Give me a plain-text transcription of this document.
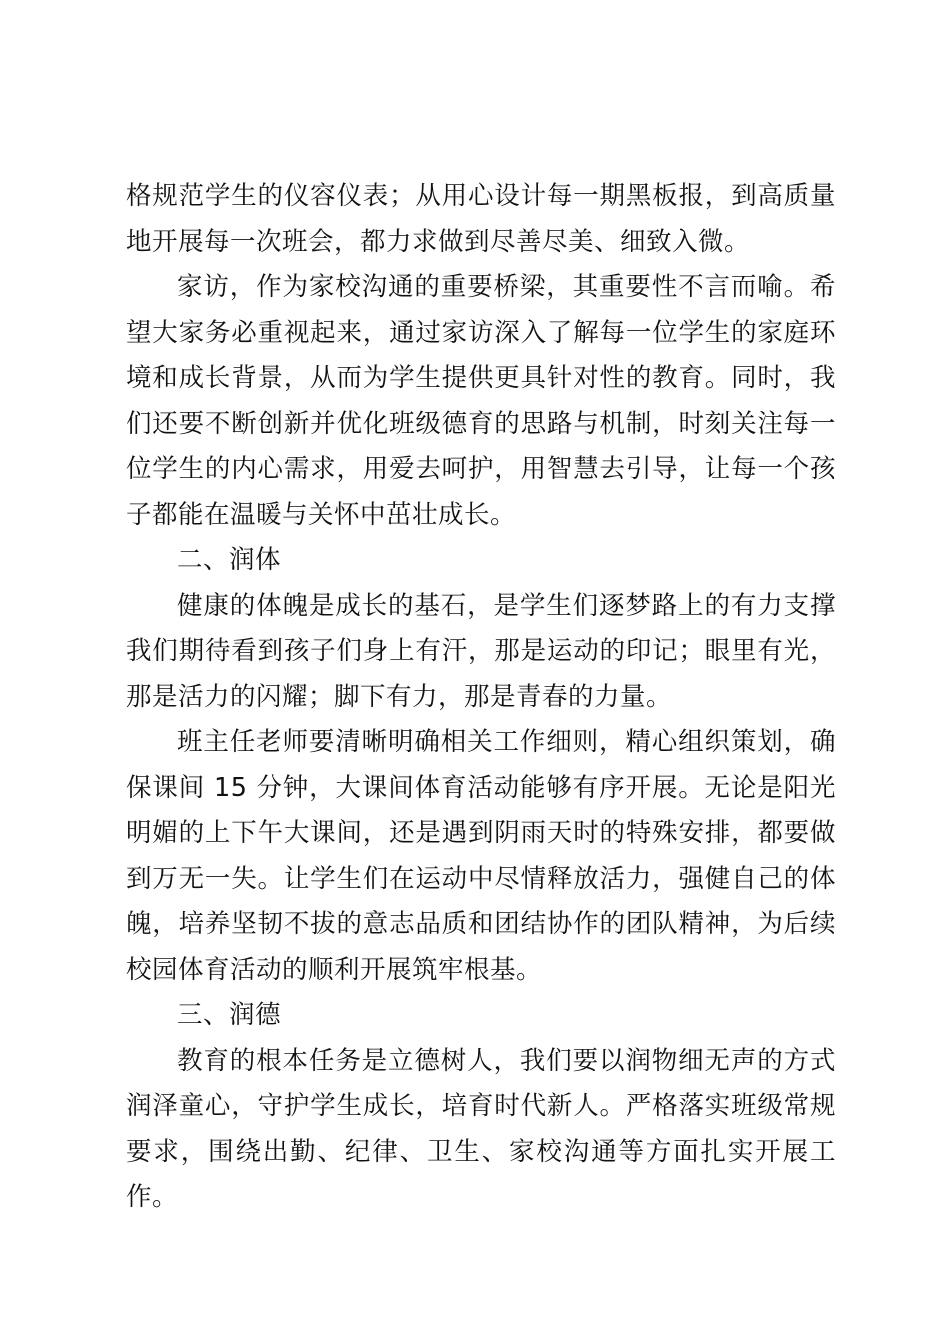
格规范学生的仪容仪表；从用心设计每一期黑板报，到高质量地开展每一次班会，都力求做到尽善尽美、细致入微。

家访，作为家校沟通的重要桥梁，其重要性不言而喻。希望大家务必重视起来，通过家访深入了解每一位学生的家庭环境和成长背景，从而为学生提供更具针对性的教育。同时，我们还要不断创新并优化班级德育的思路与机制，时刻关注每一位学生的内心需求，用爱去呵护，用智慧去引导，让每一个孩子都能在温暖与关怀中茁壮成长。

二、润体

健康的体魄是成长的基石，是学生们逐梦路上的有力支撑我们期待看到孩子们身上有汗，那是运动的印记；眼里有光，那是活力的闪耀；脚下有力，那是青春的力量。

班主任老师要清晰明确相关工作细则，精心组织策划，确保课间 15 分钟，大课间体育活动能够有序开展。无论是阳光明媚的上下午大课间，还是遇到阴雨天时的特殊安排，都要做到万无一失。让学生们在运动中尽情释放活力，强健自己的体魄，培养坚韧不拔的意志品质和团结协作的团队精神，为后续校园体育活动的顺利开展筑牢根基。

三、润德

教育的根本任务是立德树人，我们要以润物细无声的方式润泽童心，守护学生成长，培育时代新人。严格落实班级常规要求，围绕出勤、纪律、卫生、家校沟通等方面扎实开展工作。
